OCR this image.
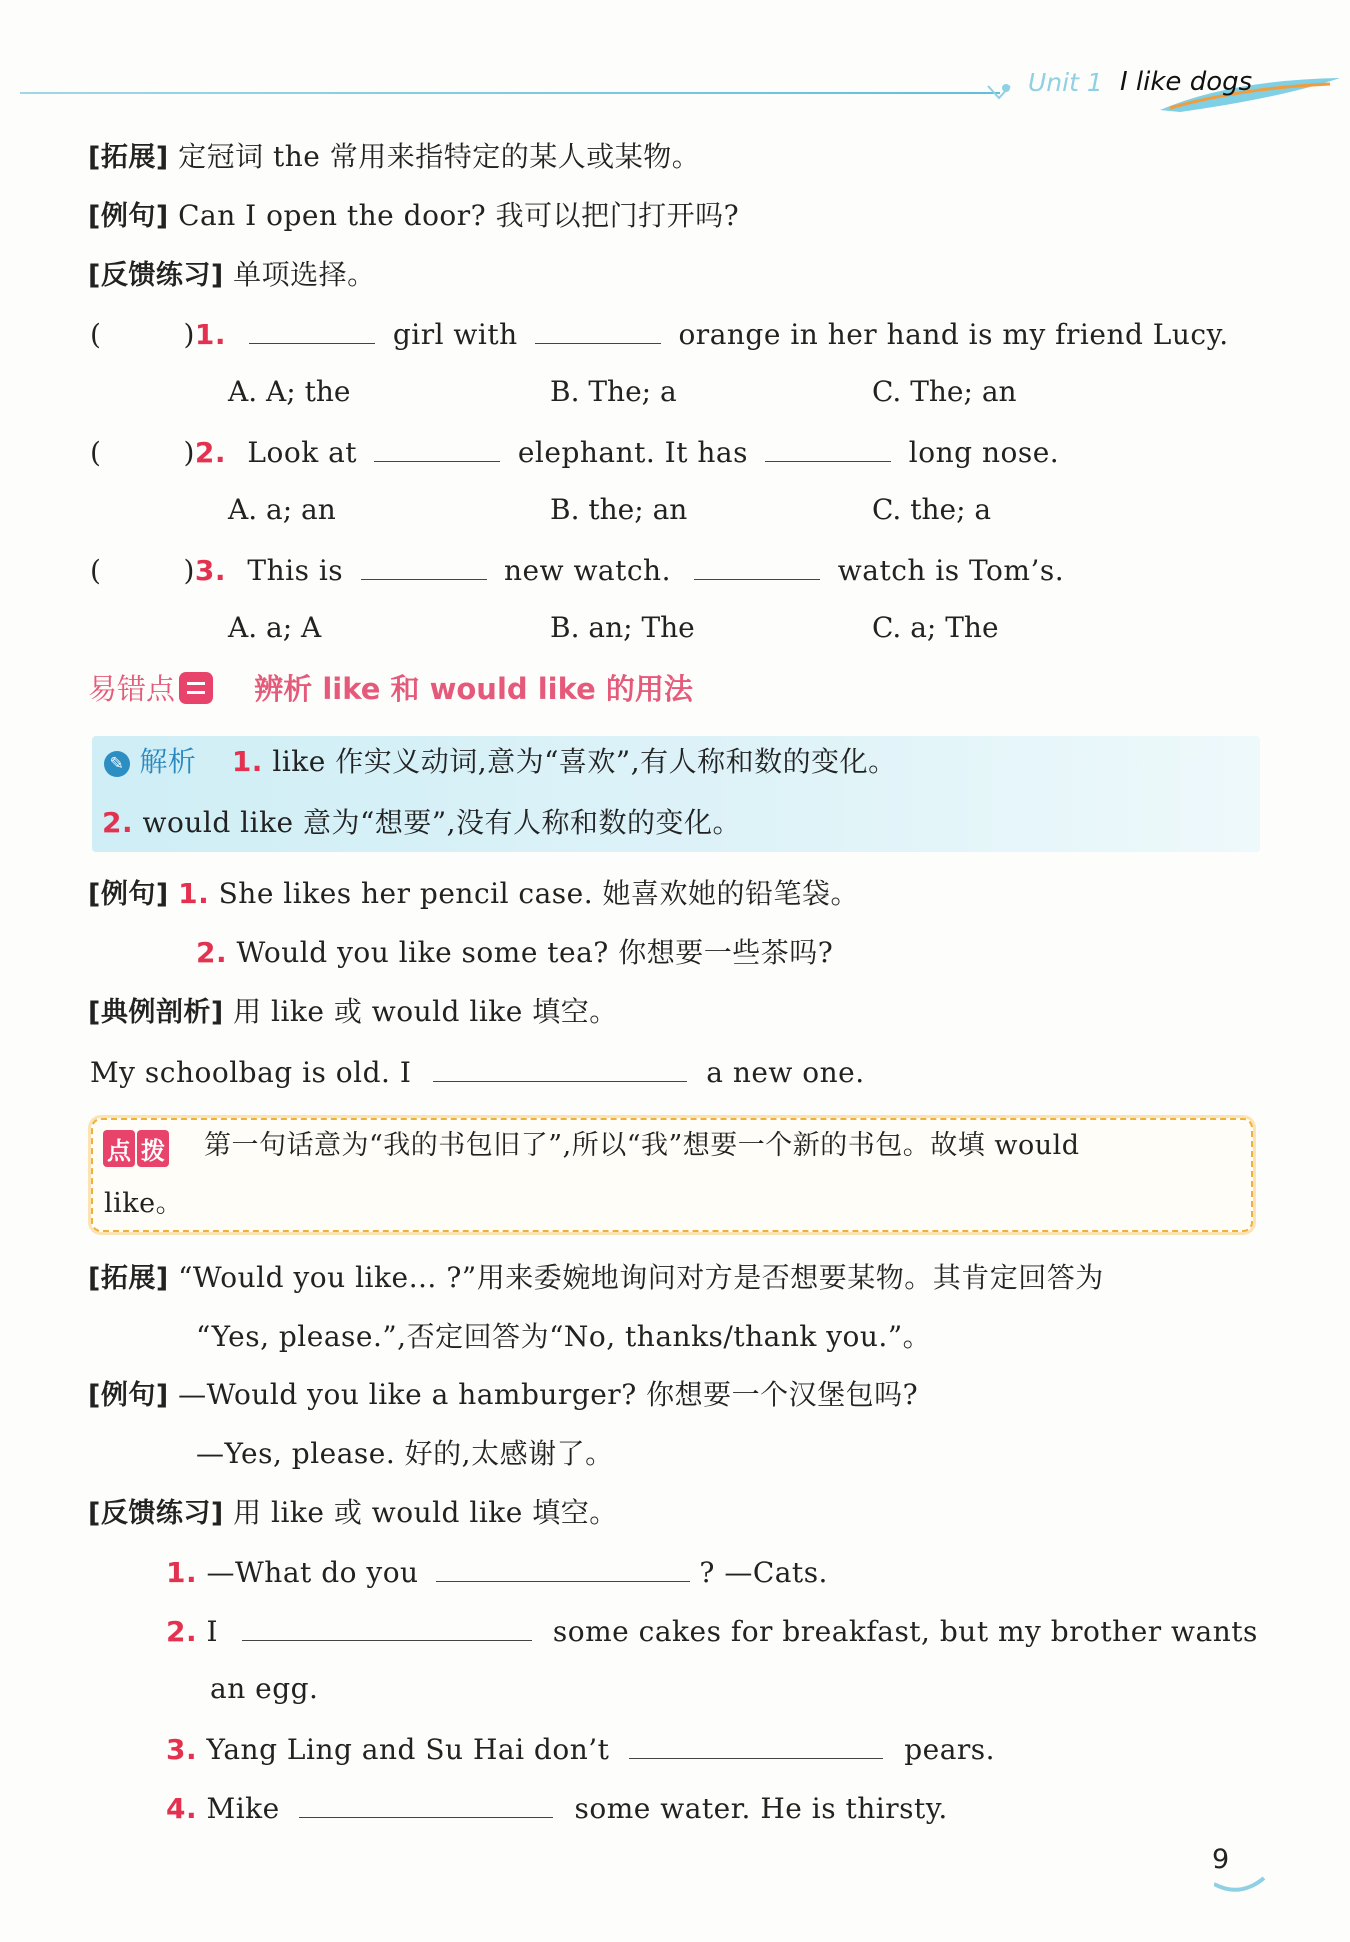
Unit 1 I like dogs
[拓展] 定冠词 the 常用来指特定的某人或某物。
[例句] Can I open the door? 我可以把门打开吗?
[反馈练习] 单项选择。
(	)1.	girl with	orange in her hand is my friend Lucy.
A. A; the	B. The; a	C. The; an
(	)2. Look at	elephant. It has	long nose.
A. a; an	B. the; an	C. the; a
(	)3. This is	new watch.	watch is Tom’s.
A. a; A	B. an; The	C. a; The
易错点	辨析 like 和 would like 的用法
✎ 解析 1. like 作实义动词,意为“喜欢”,有人称和数的变化。
2. would like 意为“想要”,没有人称和数的变化。
[例句] 1. She likes her pencil case. 她喜欢她的铅笔袋。
2. Would you like some tea? 你想要一些茶吗?
[典例剖析] 用 like 或 would like 填空。
My schoolbag is old. I	a new one.
点 拨 第一句话意为“我的书包旧了”,所以“我”想要一个新的书包。故填 would
like。
[拓展] “Would you like… ?”用来委婉地询问对方是否想要某物。其肯定回答为
“Yes, please.”,否定回答为“No, thanks/thank you.”。
[例句] —Would you like a hamburger? 你想要一个汉堡包吗?
—Yes, please. 好的,太感谢了。
[反馈练习] 用 like 或 would like 填空。
1. —What do you	? —Cats.
2. I	some cakes for breakfast, but my brother wants
an egg.
3. Yang Ling and Su Hai don’t	pears.
4. Mike	some water. He is thirsty.
9
